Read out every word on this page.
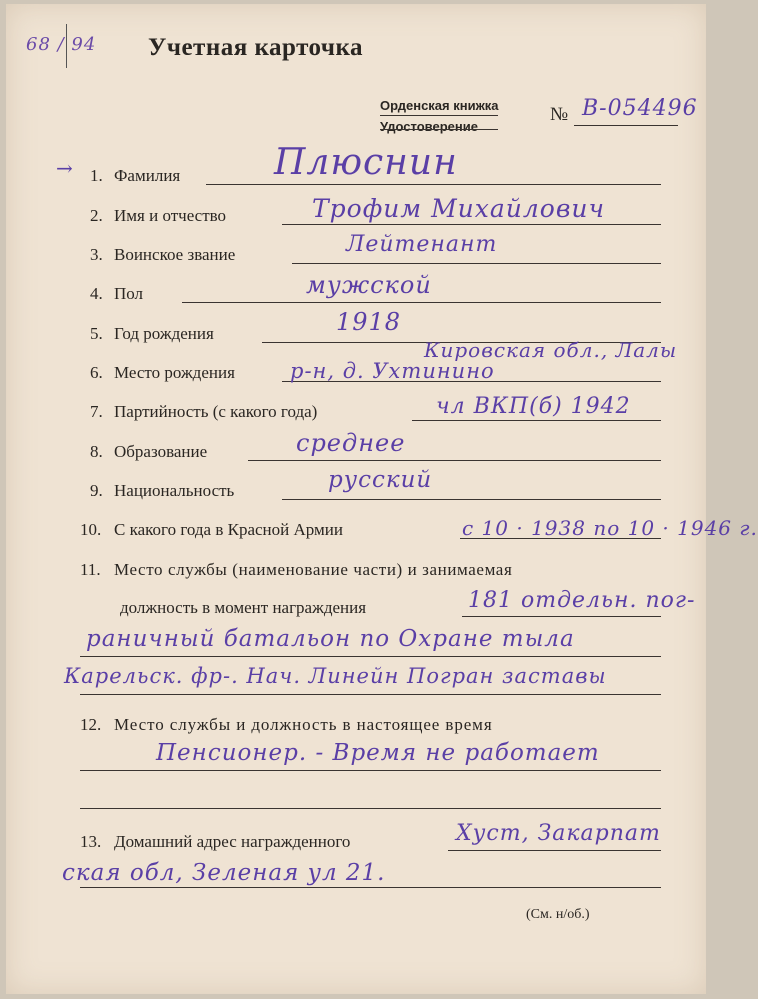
68 / 94 Учетная карточка
Орденская книжка
Удостоверение
№ В-054496
→ 1. Фамилия	Плюснин
2. Имя и отчество	Трофим Михайлович
3. Воинское звание	Лейтенант
4. Пол	мужской
5. Год рождения	1918
6. Место рождения
Кировская обл., Лалы
р-н, д. Ухтинино
7. Партийность (с какого года)	чл ВКП(б) 1942
8. Образование	среднее
9. Национальность	русский
10. С какого года в Красной Армии	с 10 · 1938 по 10 · 1946 г.
11. Место службы (наименование части) и занимаемая
должность в момент награждения	181 отдельн. пог-
раничный батальон по Охране тыла
Карельск. фр-. Нач. Линейн Погран заставы
12. Место службы и должность в настоящее время
Пенсионер. - Время не работает
13. Домашний адрес награжденного	Хуст, Закарпат
ская обл, Зеленая ул 21.
(См. н/об.)
